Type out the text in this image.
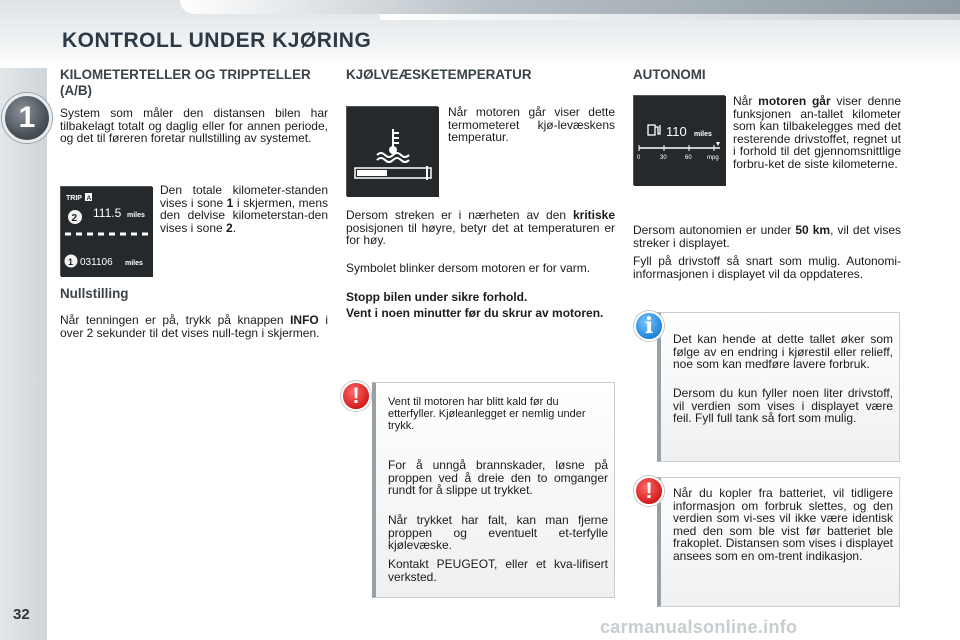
KONTROLL UNDER KJØRING
1
32
KILOMETERTELLER OG TRIPPTELLER (A/B)

System som måler den distansen bilen har tilbakelagt totalt og daglig eller for annen periode, og det til føreren foretar nullstilling av systemet.

TRIP A
2 111.5 miles
1 031106 miles

Den totale kilometer-standen vises i sone 1 i skjermen, mens den delvise kilometerstan-den vises i sone 2.

Nullstilling

Når tenningen er på, trykk på knappen INFO i over 2 sekunder til det vises null-tegn i skjermen.

KJØLVEÆSKETEMPERATUR

Når motoren går viser dette termometeret kjø-levæskens temperatur.

Dersom streken er i nærheten av den kritiske posisjonen til høyre, betyr det at temperaturen er for høy.

Symbolet blinker dersom motoren er for varm.

Stopp bilen under sikre forhold.

Vent i noen minutter før du skrur av motoren.

!	Vent til motoren har blitt kald før du etterfyller. Kjøleanlegget er nemlig under trykk.

For å unngå brannskader, løsne på proppen ved å dreie den to omganger rundt for å slippe ut trykket.

Når trykket har falt, kan man fjerne proppen og eventuelt et-terfylle kjølevæske.

Kontakt PEUGEOT, eller et kva-lifisert verksted.

AUTONOMI
110 miles
0	30	60	mpg

Når motoren går viser denne funksjonen an-tallet kilometer som kan tilbakelegges med det resterende drivstoffet, regnet ut i forhold til det gjennomsnittlige forbru-ket de siste kilometerne.

Dersom autonomien er under 50 km, vil det vises streker i displayet.

Fyll på drivstoff så snart som mulig. Autonomi-informasjonen i displayet vil da oppdateres.

i	Det kan hende at dette tallet øker som følge av en endring i kjørestil eller relieff, noe som kan medføre lavere forbruk.

Dersom du kun fyller noen liter drivstoff, vil verdien som vises i displayet være feil. Fyll full tank så fort som mulig.

!	Når du kopler fra batteriet, vil tidligere informasjon om forbruk slettes, og den verdien som vi-ses vil ikke være identisk med den som ble vist før batteriet ble frakoplet. Distansen som vises i displayet ansees som en om-trent indikasjon.

carmanualsonline.info
